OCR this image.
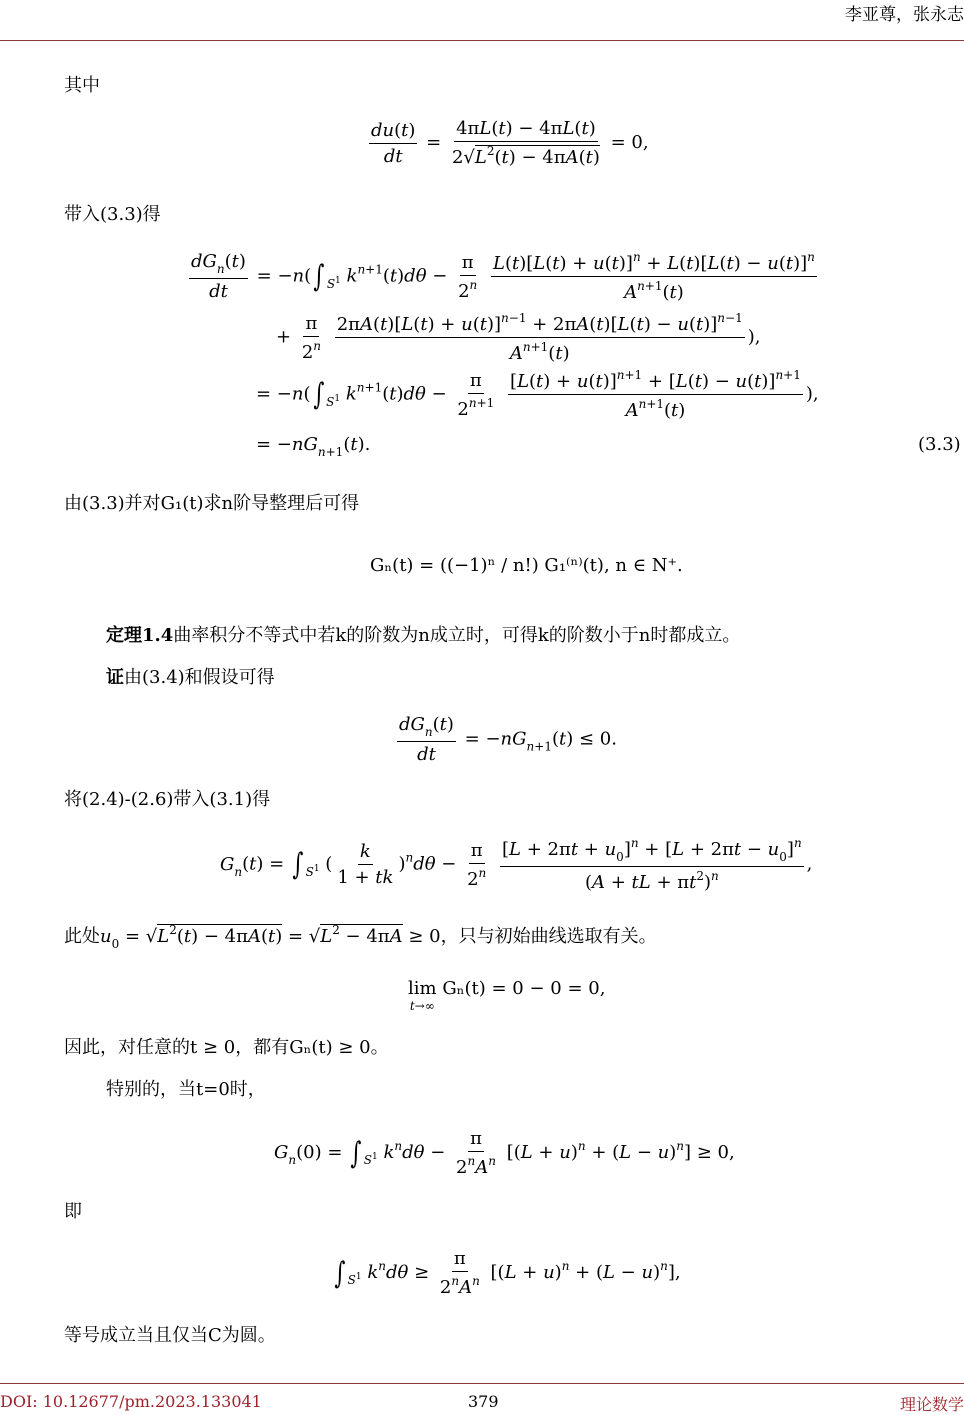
李亚尊，张永志
DOI: 10.12677/pm.2023.133041	379	理论数学
其中
$\frac{du(t)}{dt} = \frac{4\pi L(t) - 4\pi L(t)}{2√L^2(t) - 4\pi A(t)} = 0$,
带入(3.3)得
$\frac{dG_n(t)}{dt} = -n(\int$ $_{S^1}$ $k^{n+1}(t)d\theta - \frac{\pi}{2^n}$
$\frac{L(t)[L(t) + u(t)]^n + L(t)[L(t) - u(t)]^n}{A^{n+1}(t)}$
+ $\frac{\pi}{2^n}$
$\frac{2\pi A(t)[L(t) + u(t)]^{n-1} + 2\pi A(t)[L(t) - u(t)]^{n-1}}{A^{n+1}(t)}$ ),
= −n(∫ $_{S^1}$ $k^{n+1}(t)d\theta - \frac{\pi}{2^{n+1}}$
$\frac{[L(t) + u(t)]^{n+1} + [L(t) - u(t)]^{n+1}}{A^{n+1}(t)}$ ),
= $-nG_{n+1}(t)$.	(3.3)
由(3.3)并对G₁(t)求n阶导整理后可得
Gₙ(t) = ((−1)ⁿ / n!) G₁⁽ⁿ⁾(t), n ∈ N⁺.
定理1.4曲率积分不等式中若k的阶数为n成立时，可得k的阶数小于n时都成立。
证由(3.4)和假设可得
$\frac{dG_n(t)}{dt} = -nG_{n+1}(t) \le 0$.
将(2.4)-(2.6)带入(3.1)得
$G_n(t)$ = ∫ $_{S^1}$ ( $\frac{k}{1 + tk} )^nd\theta - \frac{\pi}{2^n}$
$\frac{[L + 2\pi t + u_0]^n + [L + 2\pi t - u_0]^n}{(A + tL + \pi t^2)^n}$ ,
此处$u_0 = √L^2(t) - 4\pi A(t) = √L^2 - 4\pi A \ge 0$，只与初始曲线选取有关。
lim
t→∞
Gₙ(t) = 0 − 0 = 0,
因此，对任意的t ≥ 0，都有Gₙ(t) ≥ 0。
特别的，当t=0时，
$G_n(0)$ = ∫ $_{S^1}$ $k^nd\theta - \frac{\pi}{2^nA^n} [(L + u)^n + (L - u)^n] \ge 0$,
即
∫ $_{S^1}$ $k^nd\theta \ge \frac{\pi}{2^nA^n} [(L + u)^n + (L - u)^n]$,
等号成立当且仅当C为圆。
